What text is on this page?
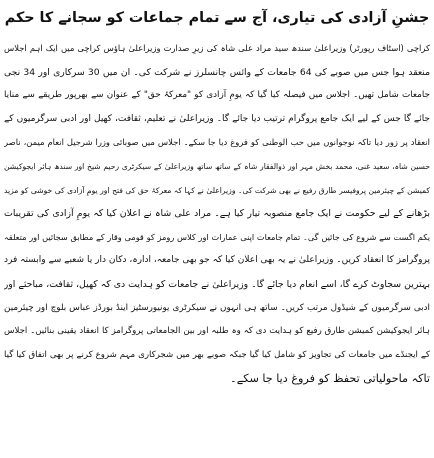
جشنِ آزادی کی تیاری، آج سے تمام جماعات کو سجانے کا حکم
کراچی (اسٹاف رپورٹر) وزیراعلیٰ سندھ سید مراد علی شاہ کی زیرِ صدارت وزیراعلیٰ ہاؤس کراچی میں ایک اہم اجلاس
منعقد ہوا جس میں صوبے کی 64 جامعات کے وائس چانسلرز نے شرکت کی۔ ان میں 30 سرکاری اور 34 نجی
جامعات شامل تھیں۔ اجلاس میں فیصلہ کیا گیا کہ یومِ آزادی کو "معرکۂ حق" کے عنوان سے بھرپور طریقے سے منایا
جائے گا جس کے لیے ایک جامع پروگرام ترتیب دیا جائے گا۔ وزیراعلیٰ نے تعلیم، ثقافت، کھیل اور ادبی سرگرمیوں کے
انعقاد پر زور دیا تاکہ نوجوانوں میں حب الوطنی کو فروغ دیا جا سکے۔ اجلاس میں صوبائی وزرا شرجیل انعام میمن، ناصر
حسین شاہ، سعید غنی، محمد بخش مہر اور ذوالفقار شاہ کے ساتھ ساتھ وزیراعلیٰ کے سیکرٹری رحیم شیخ اور سندھ ہائر ایجوکیشن
کمیشن کے چیئرمین پروفیسر طارق رفیع نے بھی شرکت کی۔ وزیراعلیٰ نے کہا کہ معرکۂ حق کی فتح اور یومِ آزادی کی خوشی کو مزید
بڑھانے کے لیے حکومت نے ایک جامع منصوبہ تیار کیا ہے۔ مراد علی شاہ نے اعلان کیا کہ یومِ آزادی کی تقریبات
یکم اگست سے شروع کی جائیں گی۔ تمام جامعات اپنی عمارات اور کلاس رومز کو قومی وقار کے مطابق سجائیں اور متعلقہ
پروگرامز کا انعقاد کریں۔ وزیراعلیٰ نے یہ بھی اعلان کیا کہ جو بھی جامعہ، ادارہ، دکان دار یا شعبے سے وابستہ فرد
بہترین سجاوٹ کرے گا، اسے انعام دیا جائے گا۔ وزیراعلیٰ نے جامعات کو ہدایت دی کہ کھیل، ثقافت، مباحثے اور
ادبی سرگرمیوں کے شیڈول مرتب کریں۔ ساتھ ہی انہوں نے سیکرٹری یونیورسٹیز اینڈ بورڈز عباس بلوچ اور چیئرمین
ہائر ایجوکیشن کمیشن طارق رفیع کو ہدایت دی کہ وہ طلبہ اور بین الجامعاتی پروگرامز کا انعقاد یقینی بنائیں۔ اجلاس
کے ایجنڈے میں جامعات کی تجاویز کو شامل کیا گیا جبکہ صوبے بھر میں شجرکاری مہم شروع کرنے پر بھی اتفاق کیا گیا
تاکہ ماحولیاتی تحفظ کو فروغ دیا جا سکے۔
